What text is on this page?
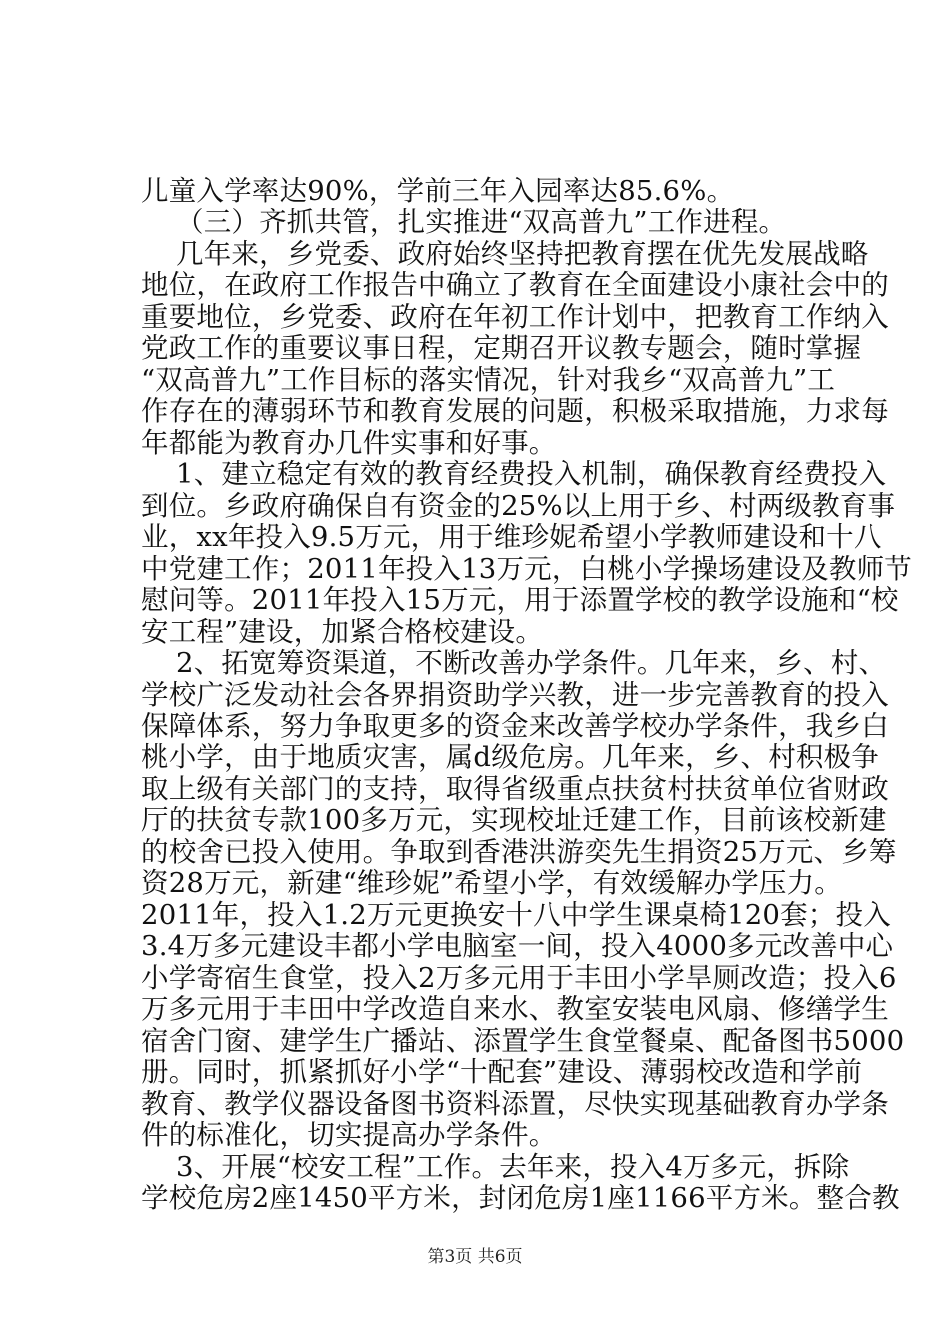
儿童入学率达90%，学前三年入园率达85.6%。
（三）齐抓共管，扎实推进“双高普九”工作进程。
几年来，乡党委、政府始终坚持把教育摆在优先发展战略
地位，在政府工作报告中确立了教育在全面建设小康社会中的
重要地位，乡党委、政府在年初工作计划中，把教育工作纳入
党政工作的重要议事日程，定期召开议教专题会，随时掌握
“双高普九”工作目标的落实情况，针对我乡“双高普九”工
作存在的薄弱环节和教育发展的问题，积极采取措施，力求每
年都能为教育办几件实事和好事。
1、建立稳定有效的教育经费投入机制，确保教育经费投入
到位。乡政府确保自有资金的25%以上用于乡、村两级教育事
业，xx年投入9.5万元，用于维珍妮希望小学教师建设和十八
中党建工作；2011年投入13万元，白桃小学操场建设及教师节
慰问等。2011年投入15万元，用于添置学校的教学设施和“校
安工程”建设，加紧合格校建设。
2、拓宽筹资渠道，不断改善办学条件。几年来，乡、村、
学校广泛发动社会各界捐资助学兴教，进一步完善教育的投入
保障体系，努力争取更多的资金来改善学校办学条件，我乡白
桃小学，由于地质灾害，属d级危房。几年来，乡、村积极争
取上级有关部门的支持，取得省级重点扶贫村扶贫单位省财政
厅的扶贫专款100多万元，实现校址迁建工作，目前该校新建
的校舍已投入使用。争取到香港洪游奕先生捐资25万元、乡筹
资28万元，新建“维珍妮”希望小学，有效缓解办学压力。
2011年，投入1.2万元更换安十八中学生课桌椅120套；投入
3.4万多元建设丰都小学电脑室一间，投入4000多元改善中心
小学寄宿生食堂，投入2万多元用于丰田小学旱厕改造；投入6
万多元用于丰田中学改造自来水、教室安装电风扇、修缮学生
宿舍门窗、建学生广播站、添置学生食堂餐桌、配备图书5000
册。同时，抓紧抓好小学“十配套”建设、薄弱校改造和学前
教育、教学仪器设备图书资料添置，尽快实现基础教育办学条
件的标准化，切实提高办学条件。
3、开展“校安工程”工作。去年来，投入4万多元，拆除
学校危房2座1450平方米，封闭危房1座1166平方米。整合教
第3页 共6页
